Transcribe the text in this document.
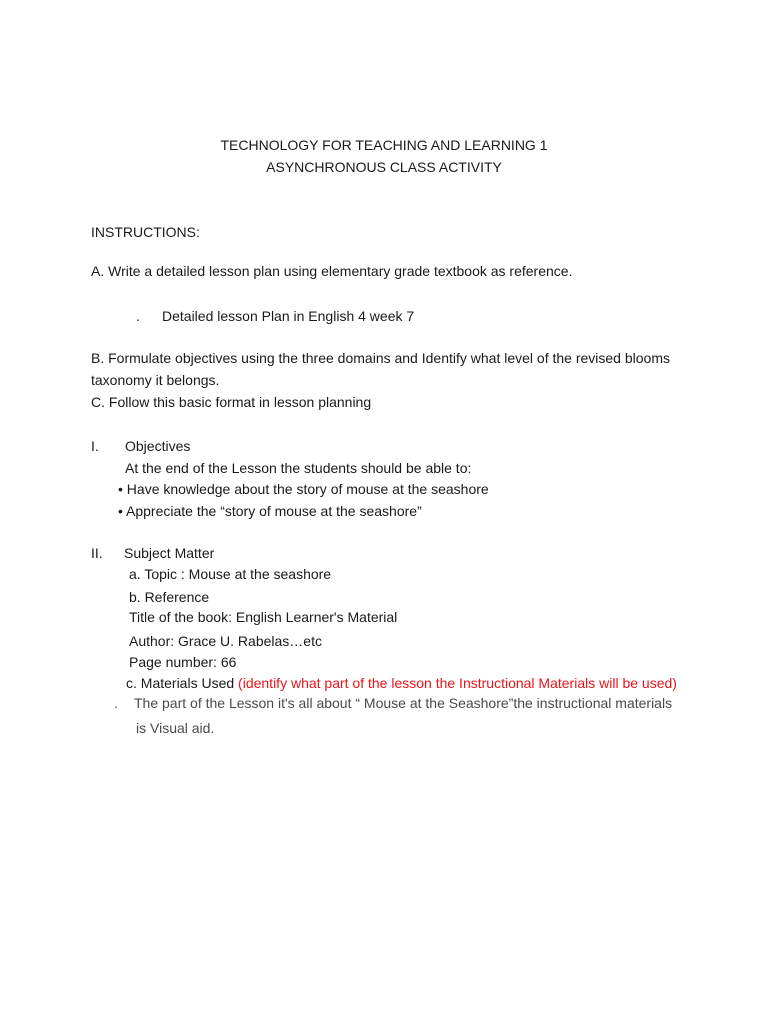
TECHNOLOGY FOR TEACHING AND LEARNING 1
ASYNCHRONOUS CLASS ACTIVITY
INSTRUCTIONS:
A. Write a detailed lesson plan using elementary grade textbook as reference.
. Detailed lesson Plan in English 4 week 7
B. Formulate objectives using the three domains and Identify what level of the revised blooms
taxonomy it belongs.
C. Follow this basic format in lesson planning
I. Objectives
At the end of the Lesson the students should be able to:
• Have knowledge about the story of mouse at the seashore
• Appreciate the “story of mouse at the seashore”
II. Subject Matter
a. Topic : Mouse at the seashore
b. Reference
Title of the book: English Learner's Material
Author: Grace U. Rabelas…etc
Page number: 66
c. Materials Used (identify what part of the lesson the Instructional Materials will be used)
. The part of the Lesson it's all about “ Mouse at the Seashore”the instructional materials
is Visual aid.
